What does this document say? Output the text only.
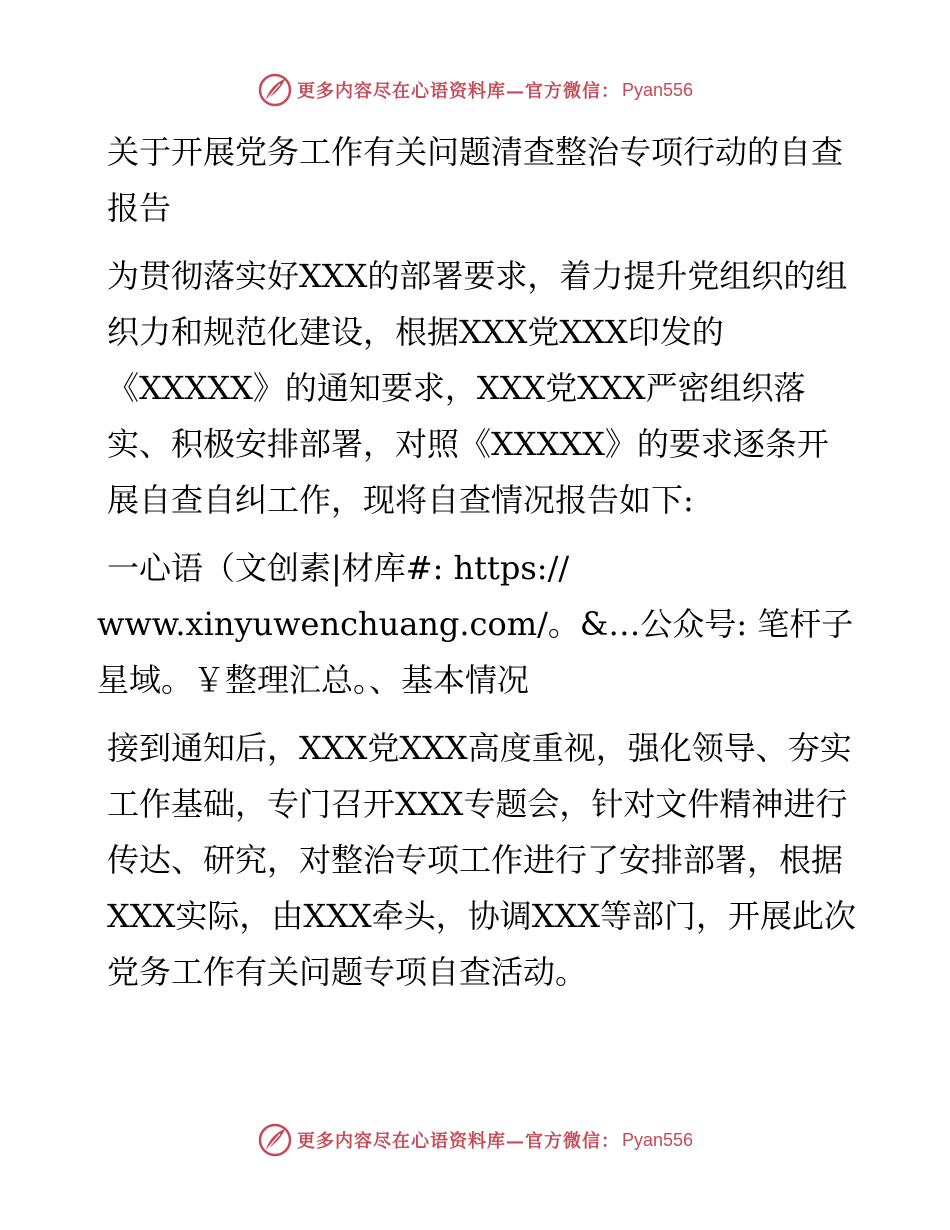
更多内容尽在心语资料库—官方微信： Pyan556

关于开展党务工作有关问题清查整治专项行动的自查报告

为贯彻落实好XXX的部署要求，着力提升党组织的组织力和规范化建设，根据XXX党XXX印发的《XXXXX》的通知要求，XXX党XXX严密组织落实、积极安排部署，对照《XXXXX》的要求逐条开展自查自纠工作，现将自查情况报告如下:

一心语（文创素|材库#: https://
www.xinyuwenchuang.com/。&…公众号: 笔杆子星域。￥整理汇总。、基本情况

接到通知后，XXX党XXX高度重视，强化领导、夯实工作基础，专门召开XXX专题会，针对文件精神进行传达、研究，对整治专项工作进行了安排部署，根据XXX实际，由XXX牵头，协调XXX等部门，开展此次党务工作有关问题专项自查活动。

更多内容尽在心语资料库—官方微信： Pyan556
